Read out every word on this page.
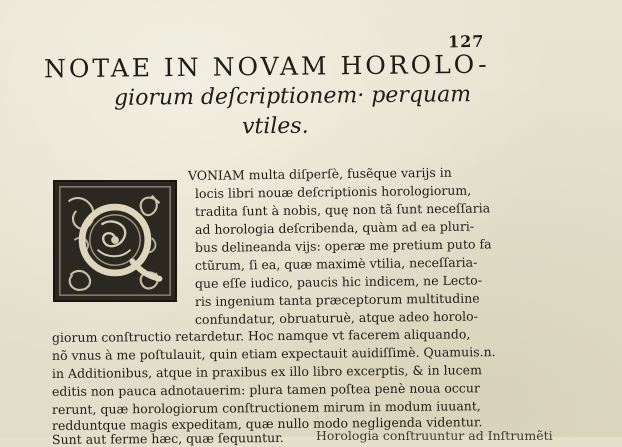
127
NOTAE IN NOVAM HOROLO-
giorum deſcriptionem· perquam
vtiles.
VONIAM multa diſperſè, fusẽque varijs in
locis libri nouæ deſcriptionis horologiorum,
tradita ſunt à nobis, quę non tã ſunt neceſſaria
ad horologia deſcribenda, quàm ad ea pluri-
bus delineanda vijs: operæ me pretium puto fa
ctũrum, ſi ea, quæ maximè vtilia, neceſſaria-
que eſſe iudico, paucis hic indicem, ne Lecto-
ris ingenium tanta præceptorum multitudine
confundatur, obruaturuè, atque adeo horolo-
giorum conſtructio retardetur. Hoc namque vt facerem aliquando,
nõ vnus à me poſtulauit, quin etiam expectauit auidiſſimè. Quamuis.n.
in Additionibus, atque in praxibus ex illo libro excerptis, & in lucem
editis non pauca adnotauerim: plura tamen poſtea penè noua occur
rerunt, quæ horologiorum conſtructionem mirum in modum iuuant,
redduntque magis expeditam, quæ nullo modo negligenda videntur.
Sunt aut ferme hæc, quæ ſequuntur.	Horologia conſtruuntur ad Inſtrumẽti
